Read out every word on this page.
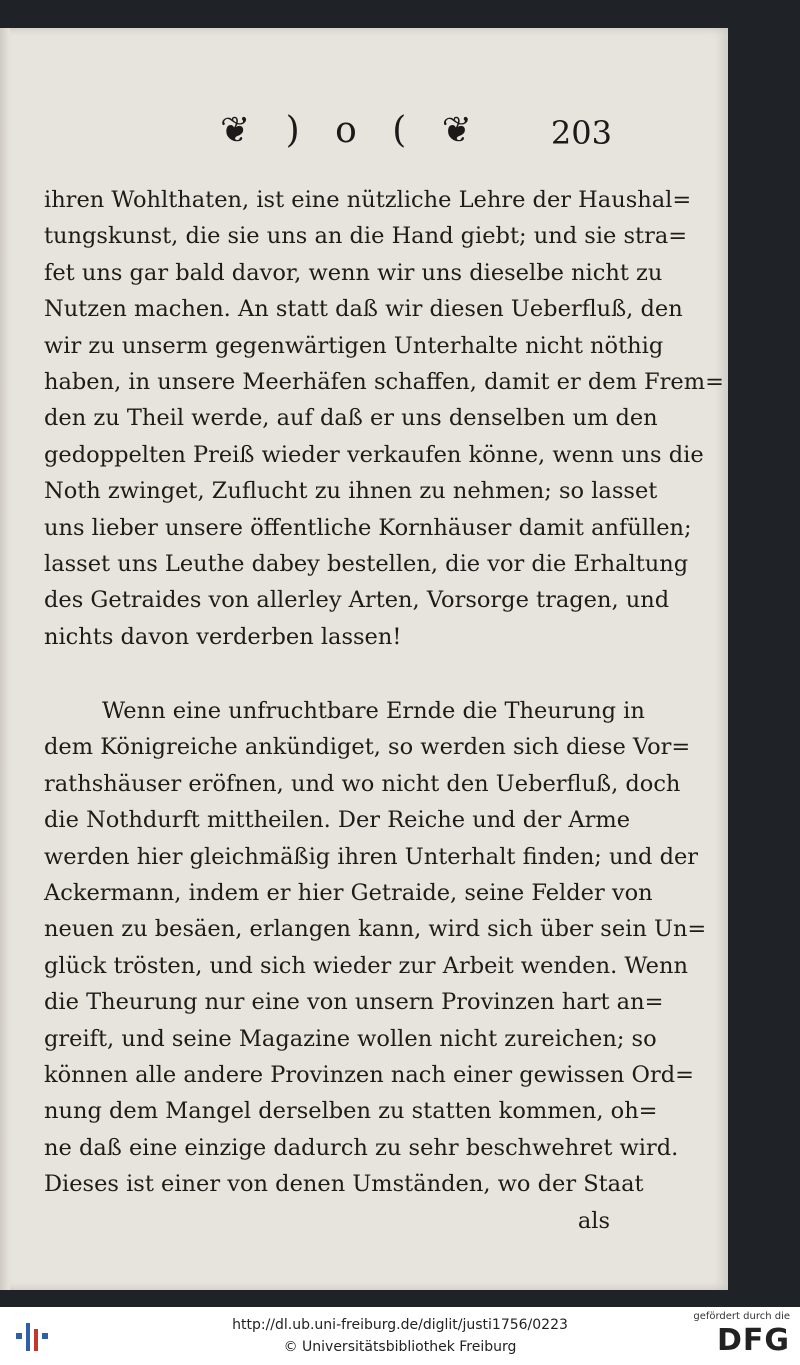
❦ ) o ( ❦ 203
ihren Wohlthaten, ist eine nützliche Lehre der Haushal=
tungskunst, die sie uns an die Hand giebt; und sie stra=
fet uns gar bald davor, wenn wir uns dieselbe nicht zu
Nutzen machen. An statt daß wir diesen Ueberfluß, den
wir zu unserm gegenwärtigen Unterhalte nicht nöthig
haben, in unsere Meerhäfen schaffen, damit er dem Frem=
den zu Theil werde, auf daß er uns denselben um den
gedoppelten Preiß wieder verkaufen könne, wenn uns die
Noth zwinget, Zuflucht zu ihnen zu nehmen; so lasset
uns lieber unsere öffentliche Kornhäuser damit anfüllen;
lasset uns Leuthe dabey bestellen, die vor die Erhaltung
des Getraides von allerley Arten, Vorsorge tragen, und
nichts davon verderben lassen!
Wenn eine unfruchtbare Ernde die Theurung in
dem Königreiche ankündiget, so werden sich diese Vor=
rathshäuser eröfnen, und wo nicht den Ueberfluß, doch
die Nothdurft mittheilen. Der Reiche und der Arme
werden hier gleichmäßig ihren Unterhalt finden; und der
Ackermann, indem er hier Getraide, seine Felder von
neuen zu besäen, erlangen kann, wird sich über sein Un=
glück trösten, und sich wieder zur Arbeit wenden. Wenn
die Theurung nur eine von unsern Provinzen hart an=
greift, und seine Magazine wollen nicht zureichen; so
können alle andere Provinzen nach einer gewissen Ord=
nung dem Mangel derselben zu statten kommen, oh=
ne daß eine einzige dadurch zu sehr beschwehret wird.
Dieses ist einer von denen Umständen, wo der Staat
als
http://dl.ub.uni-freiburg.de/diglit/justi1756/0223
© Universitätsbibliothek Freiburg
gefördert durch die
DFG
